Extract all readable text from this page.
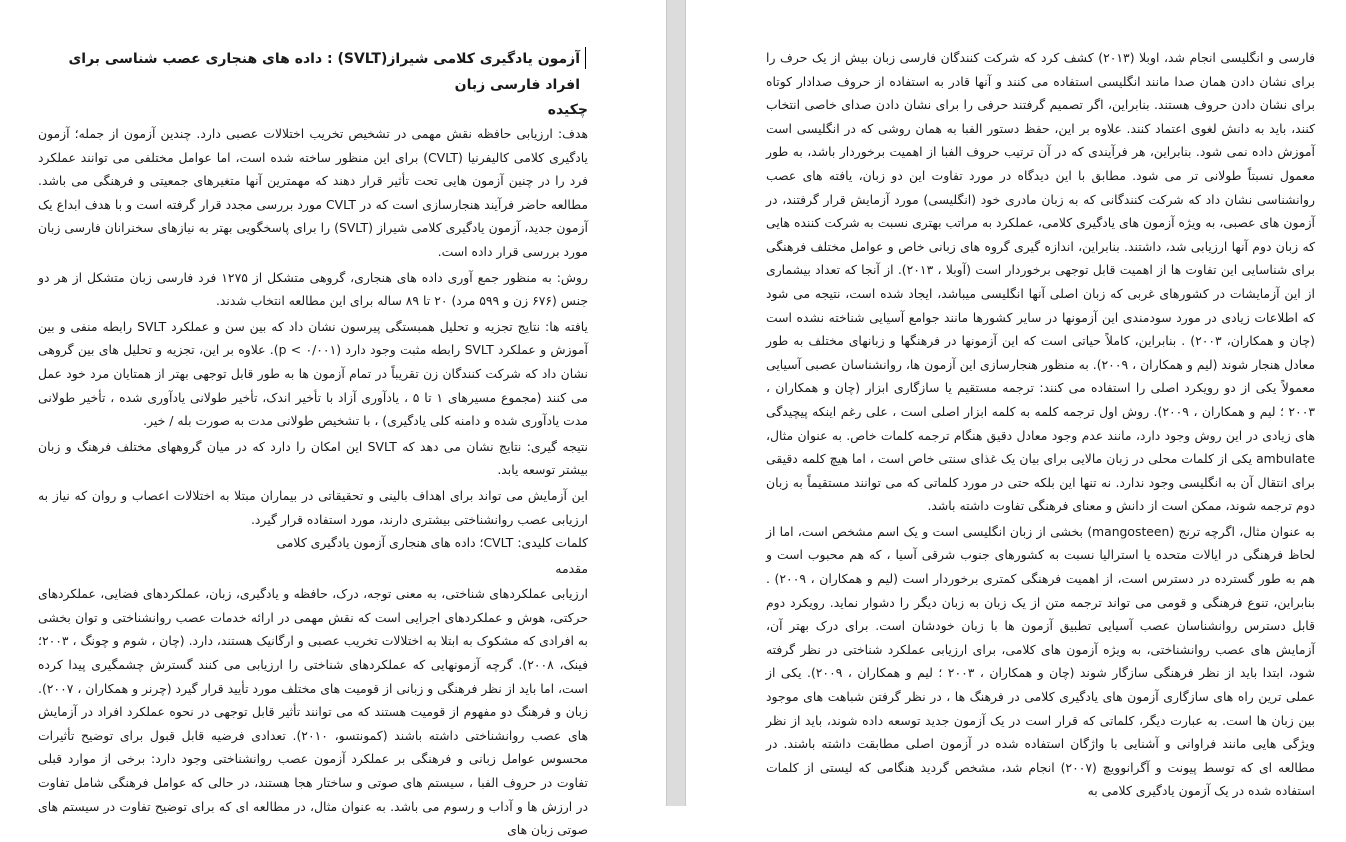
آزمون یادگیری کلامی شیراز(SVLT) : داده های هنجاری عصب شناسی برای افراد فارسی زبان

چکیده

هدف: ارزیابی حافظه نقش مهمی در تشخیص تخریب اختلالات عصبی دارد. چندین آزمون از جمله؛ آزمون یادگیری کلامی کالیفرنیا (CVLT) برای این منظور ساخته شده است، اما عوامل مختلفی می توانند عملکرد فرد را در چنین آزمون هایی تحت تأثیر قرار دهند که مهمترین آنها متغیرهای جمعیتی و فرهنگی می باشد. مطالعه حاضر فرآیند هنجارسازی است که در CVLT مورد بررسی مجدد قرار گرفته است و با هدف ابداع یک آزمون جدید، آزمون یادگیری کلامی شیراز (SVLT) را برای پاسخگویی بهتر به نیازهای سخنرانان فارسی زبان مورد بررسی قرار داده است.

روش: به منظور جمع آوری داده های هنجاری، گروهی متشکل از ۱۲۷۵ فرد فارسی زبان متشکل از هر دو جنس (۶۷۶ زن و ۵۹۹ مرد) ۲۰ تا ۸۹ ساله برای این مطالعه انتخاب شدند.

یافته ها: نتایج تجزیه و تحلیل همبستگی پیرسون نشان داد که بین سن و عملکرد SVLT رابطه منفی و بین آموزش و عملکرد SVLT رابطه مثبت وجود دارد (۰/۰۰۱ > p). علاوه بر این، تجزیه و تحلیل های بین گروهی نشان داد که شرکت کنندگان زن تقریباً در تمام آزمون ها به طور قابل توجهی بهتر از همتایان مرد خود عمل می کنند (مجموع مسیرهای ۱ تا ۵ ، یادآوری آزاد با تأخیر اندک، تأخیر طولانی یادآوری شده ، تأخیر طولانی مدت یادآوری شده و دامنه کلی یادگیری) ، با تشخیص طولانی مدت به صورت بله / خیر.

نتیجه گیری: نتایج نشان می دهد که SVLT این امکان را دارد که در میان گروههای مختلف فرهنگ و زبان بیشتر توسعه یابد.

این آزمایش می تواند برای اهداف بالینی و تحقیقاتی در بیماران مبتلا به اختلالات اعصاب و روان که نیاز به ارزیابی عصب روانشناختی بیشتری دارند، مورد استفاده قرار گیرد.

کلمات کلیدی: CVLT؛ داده های هنجاری آزمون یادگیری کلامی

مقدمه

ارزیابی عملکردهای شناختی، به معنی توجه، درک، حافظه و یادگیری، زبان، عملکردهای فضایی، عملکردهای حرکتی، هوش و عملکردهای اجرایی است که نقش مهمی در ارائه خدمات عصب روانشناختی و توان بخشی به افرادی که مشکوک به ابتلا به اختلالات تخریب عصبی و ارگانیک هستند، دارد. (چان ، شوم و چونگ ، ۲۰۰۳؛ فینک، ۲۰۰۸). گرچه آزمونهایی که عملکردهای شناختی را ارزیابی می کنند گسترش چشمگیری پیدا کرده است، اما باید از نظر فرهنگی و زبانی از قومیت های مختلف مورد تأیید قرار گیرد (چرنر و همکاران ، ۲۰۰۷). زبان و فرهنگ دو مفهوم از قومیت هستند که می توانند تأثیر قابل توجهی در نحوه عملکرد افراد در آزمایش های عصب روانشناختی داشته باشند (کمونتسو، ۲۰۱۰). تعدادی فرضیه قابل قبول برای توضیح تأثیرات محسوس عوامل زبانی و فرهنگی بر عملکرد آزمون عصب روانشناختی وجود دارد: برخی از موارد قبلی تفاوت در حروف الفبا ، سیستم های صوتی و ساختار هجا هستند، در حالی که عوامل فرهنگی شامل تفاوت در ارزش ها و آداب و رسوم می باشد. به عنوان مثال، در مطالعه ای که برای توضیح تفاوت در سیستم های صوتی زبان های

فارسی و انگلیسی انجام شد، اوبلا (۲۰۱۳) کشف کرد که شرکت کنندگان فارسی زبان بیش از یک حرف را برای نشان دادن همان صدا مانند انگلیسی استفاده می کنند و آنها قادر به استفاده از حروف صدادار کوتاه برای نشان دادن حروف هستند. بنابراین، اگر تصمیم گرفتند حرفی را برای نشان دادن صدای خاصی انتخاب کنند، باید به دانش لغوی اعتماد کنند. علاوه بر این، حفظ دستور الفبا به همان روشی که در انگلیسی است آموزش داده نمی شود. بنابراین، هر فرآیندی که در آن ترتیب حروف الفبا از اهمیت برخوردار باشد، به طور معمول نسبتاً طولانی تر می شود. مطابق با این دیدگاه در مورد تفاوت این دو زبان، یافته های عصب روانشناسی نشان داد که شرکت کنندگانی که به زبان مادری خود (انگلیسی) مورد آزمایش قرار گرفتند، در آزمون های عصبی، به ویژه آزمون های یادگیری کلامی، عملکرد به مراتب بهتری نسبت به شرکت کننده هایی که زبان دوم آنها ارزیابی شد، داشتند. بنابراین، اندازه گیری گروه های زبانی خاص و عوامل مختلف فرهنگی برای شناسایی این تفاوت ها از اهمیت قابل توجهی برخوردار است (آوبلا ، ۲۰۱۳). از آنجا که تعداد بیشماری از این آزمایشات در کشورهای غربی که زبان اصلی آنها انگلیسی میباشد، ایجاد شده است، نتیجه می شود که اطلاعات زیادی در مورد سودمندی این آزمونها در سایر کشورها مانند جوامع آسیایی شناخته نشده است (چان و همکاران، ۲۰۰۳) . بنابراین، کاملاً حیاتی است که این آزمونها در فرهنگها و زبانهای مختلف به طور معادل هنجار شوند (لیم و همکاران ، ۲۰۰۹). به منظور هنجارسازی این آزمون ها، روانشناسان عصبی آسیایی معمولاً یکی از دو رویکرد اصلی را استفاده می کنند: ترجمه مستقیم یا سازگاری ابزار (چان و همکاران ، ۲۰۰۳ ؛ لیم و همکاران ، ۲۰۰۹). روش اول ترجمه کلمه به کلمه ابزار اصلی است ، علی رغم اینکه پیچیدگی های زیادی در این روش وجود دارد، مانند عدم وجود معادل دقیق هنگام ترجمه کلمات خاص. به عنوان مثال، ambulate یکی از کلمات محلی در زبان مالایی برای بیان یک غذای سنتی خاص است ، اما هیچ کلمه دقیقی برای انتقال آن به انگلیسی وجود ندارد. نه تنها این بلکه حتی در مورد کلماتی که می توانند مستقیماً به زبان دوم ترجمه شوند، ممکن است از دانش و معنای فرهنگی تفاوت داشته باشد.

به عنوان مثال، اگرچه ترنج (mangosteen) بخشی از زبان انگلیسی است و یک اسم مشخص است، اما از لحاظ فرهنگی در ایالات متحده یا استرالیا نسبت به کشورهای جنوب شرقی آسیا ، که هم محبوب است و هم به طور گسترده در دسترس است، از اهمیت فرهنگی کمتری برخوردار است (لیم و همکاران ، ۲۰۰۹) . بنابراین، تنوع فرهنگی و قومی می تواند ترجمه متن از یک زبان به زبان دیگر را دشوار نماید. رویکرد دوم قابل دسترس روانشناسان عصب آسیایی تطبیق آزمون ها با زبان خودشان است. برای درک بهتر آن، آزمایش های عصب روانشناختی، به ویژه آزمون های کلامی، برای ارزیابی عملکرد شناختی در نظر گرفته شود، ابتدا باید از نظر فرهنگی سازگار شوند (چان و همکاران ، ۲۰۰۳ ؛ لیم و همکاران ، ۲۰۰۹). یکی از عملی ترین راه های سازگاری آزمون های یادگیری کلامی در فرهنگ ها ، در نظر گرفتن شباهت های موجود بین زبان ها است. به عبارت دیگر، کلماتی که قرار است در یک آزمون جدید توسعه داده شوند، باید از نظر ویژگی هایی مانند فراوانی و آشنایی با واژگان استفاده شده در آزمون اصلی مطابقت داشته باشند. در مطالعه ای که توسط پیونت و آگرانوویچ (۲۰۰۷) انجام شد، مشخص گردید هنگامی که لیستی از کلمات استفاده شده در یک آزمون یادگیری کلامی به
